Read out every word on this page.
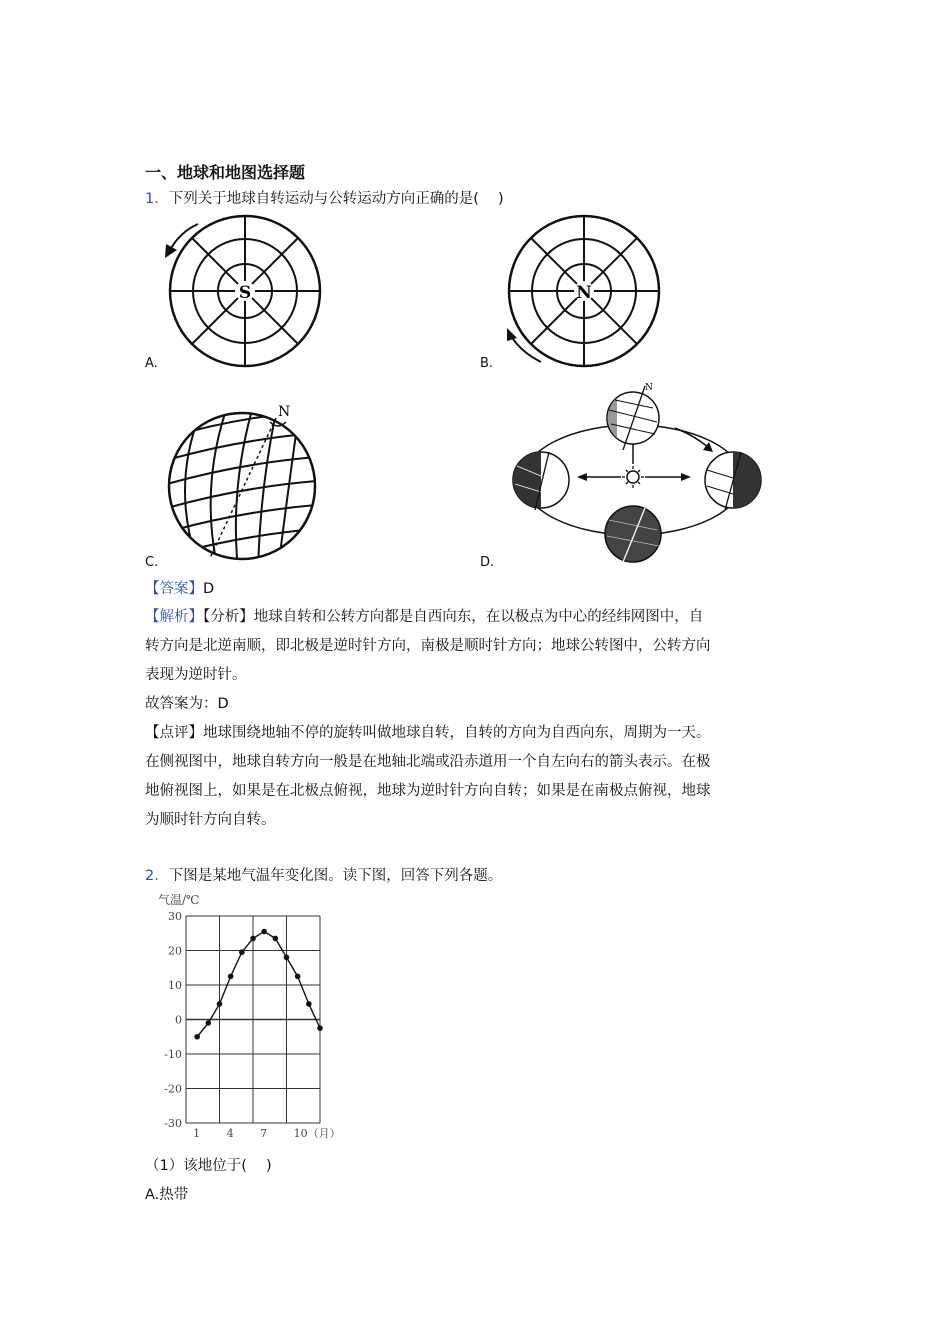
一、地球和地图选择题
1．下列关于地球自转运动与公转运动方向正确的是(　 )
S
A.
N
B.
N
C.
N
D.
【答案】D
【解析】【分析】地球自转和公转方向都是自西向东，在以极点为中心的经纬网图中，自
转方向是北逆南顺，即北极是逆时针方向，南极是顺时针方向；地球公转图中，公转方向
表现为逆时针。
故答案为：D
【点评】地球围绕地轴不停的旋转叫做地球自转，自转的方向为自西向东，周期为一天。
在侧视图中，地球自转方向一般是在地轴北端或沿赤道用一个自左向右的箭头表示。在极
地俯视图上，如果是在北极点俯视，地球为逆时针方向自转；如果是在南极点俯视，地球
为顺时针方向自转。
2．下图是某地气温年变化图。读下图，回答下列各题。
气温/℃
30
20
10
0
-10
-20
-30
1 4 7 10（月）
（1）该地位于(　 )
A.热带
